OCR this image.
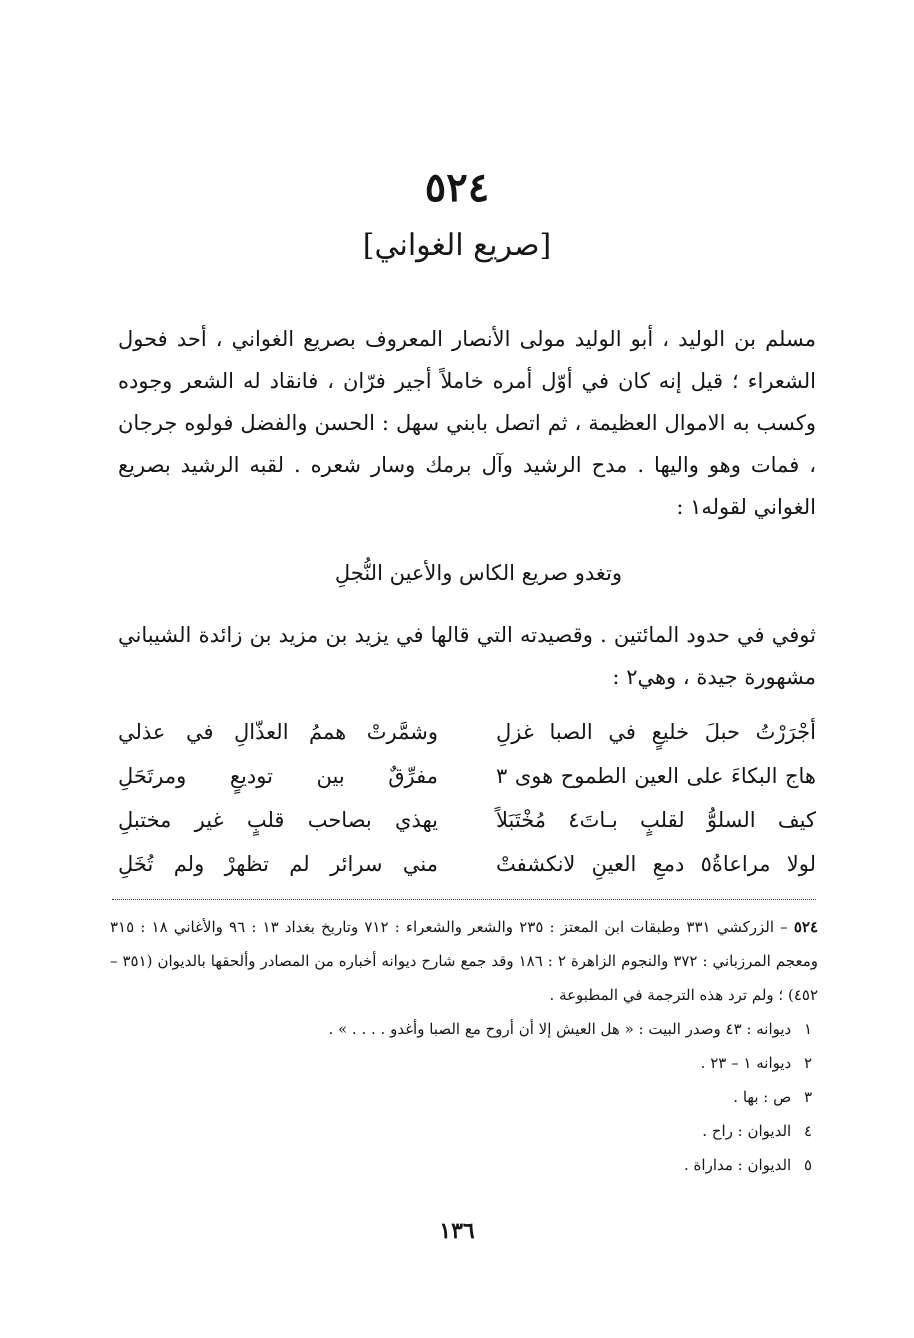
٥٢٤
[صريع الغواني]

مسلم بن الوليد ، أبو الوليد مولى الأنصار المعروف بصريع الغواني ، أحد فحول الشعراء ؛ قيل إنه كان في أوّل أمره خاملاً أجير فرّان ، فانقاد له الشعر وجوده وكسب به الاموال العظيمة ، ثم اتصل بابني سهل : الحسن والفضل فولوه جرجان ، فمات وهو واليها . مدح الرشيد وآل برمك وسار شعره . لقبه الرشيد بصريع الغواني لقوله١ :

وتغدو صريع الكاس والأعين النُّجلِ

ثوفي في حدود المائتين . وقصيدته التي قالها في يزيد بن مزيد بن زائدة الشيباني مشهورة جيدة ، وهي٢ :

أجْرَرْتُ حبلَ خليعٍ في الصبا غزلِ
وشمَّرتْ هممُ العذّالِ في عذلي
هاج البكاءَ على العين الطموح هوى ٣
مفرِّقٌ بين توديعٍ ومرتَحَلِ
كيف السلوُّ لقلبٍ بـاتَ٤ مُخْتَبَلاً
يهذي بصاحب قلبٍ غير مختبلِ
لولا مراعاةُ٥ دمعِ العينِ لانكشفتْ
مني سرائر لم تظهرْ ولم تُخَلِ

٥٢٤ – الزركشي ٣٣١ وطبقات ابن المعتز : ٢٣٥ والشعر والشعراء : ٧١٢ وتاريخ بغداد ١٣ : ٩٦ والأغاني ١٨ : ٣١٥ ومعجم المرزباني : ٣٧٢ والنجوم الزاهرة ٢ : ١٨٦ وقد جمع شارح ديوانه أخباره من المصادر وألحقها بالديوان (٣٥١ – ٤٥٢) ؛ ولم ترد هذه الترجمة في المطبوعة .

١ ديوانه : ٤٣ وصدر البيت : « هل العيش إلا أن أروح مع الصبا وأغدو . . . . » .

٢ ديوانه ١ – ٢٣ .

٣ ص : بها .

٤ الديوان : راح .

٥ الديوان : مداراة .

١٣٦
